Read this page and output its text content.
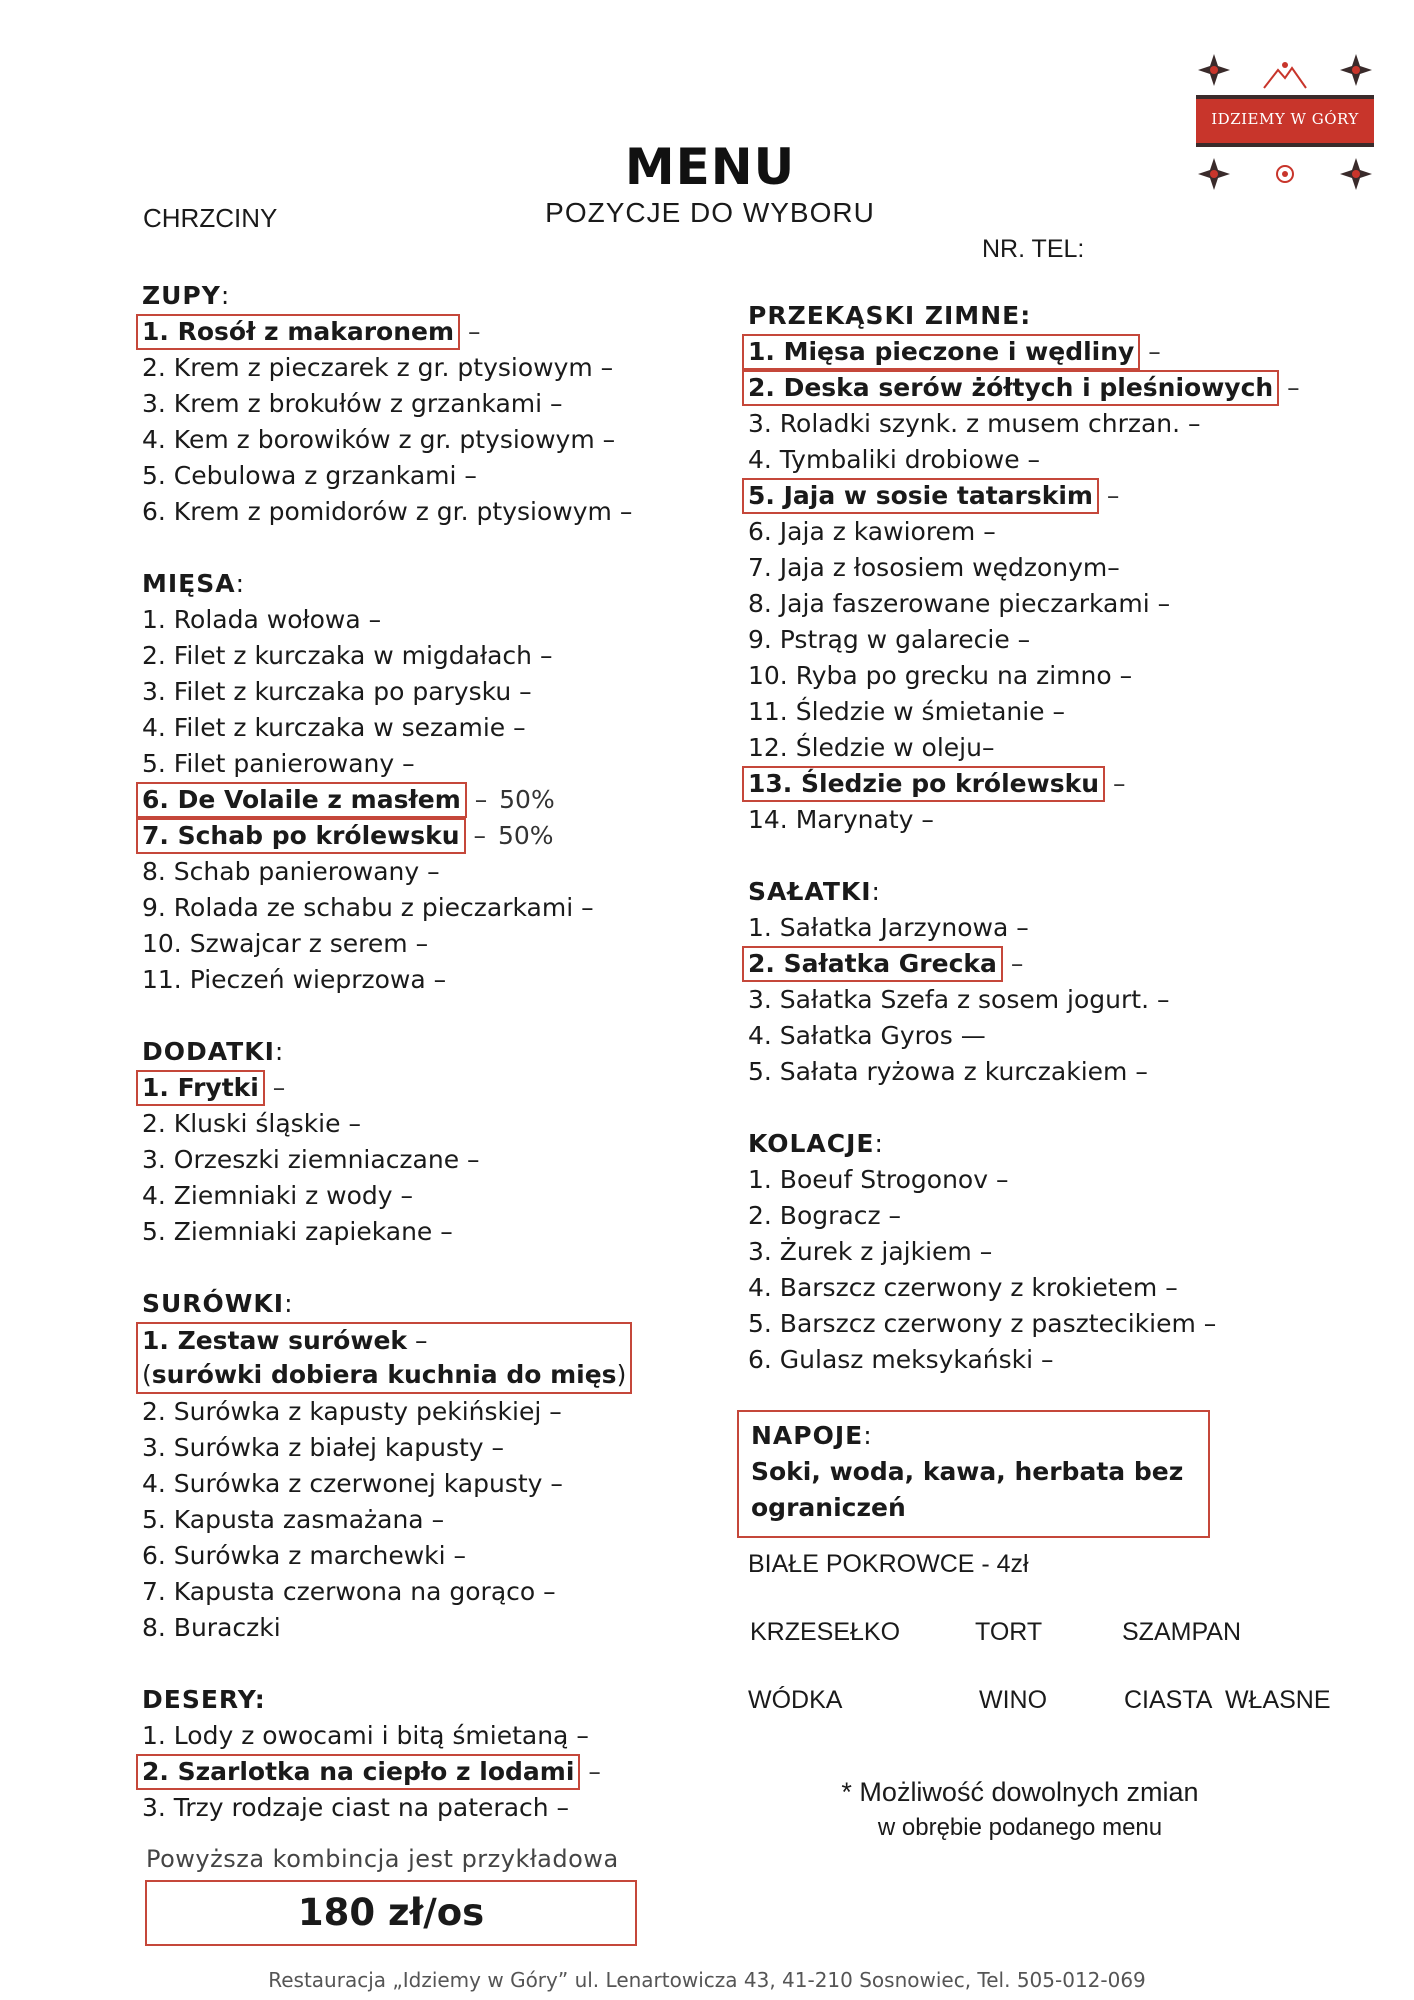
IDZIEMY W GÓRY
MENU
POZYCJE DO WYBORU
CHRZCINY
NR. TEL:
ZUPY:
1. Rosół z makaronem –
2. Krem z pieczarek z gr. ptysiowym –
3. Krem z brokułów z grzankami –
4. Kem z borowików z gr. ptysiowym –
5. Cebulowa z grzankami –
6. Krem z pomidorów z gr. ptysiowym –
MIĘSA:
1. Rolada wołowa –
2. Filet z kurczaka w migdałach –
3. Filet z kurczaka po parysku –
4. Filet z kurczaka w sezamie –
5. Filet panierowany –
6. De Volaile z masłem – 50%
7. Schab po królewsku – 50%
8. Schab panierowany –
9. Rolada ze schabu z pieczarkami –
10. Szwajcar z serem –
11. Pieczeń wieprzowa –
DODATKI:
1. Frytki –
2. Kluski śląskie –
3. Orzeszki ziemniaczane –
4. Ziemniaki z wody –
5. Ziemniaki zapiekane –
SURÓWKI:
1. Zestaw surówek –
(surówki dobiera kuchnia do mięs)
2. Surówka z kapusty pekińskiej –
3. Surówka z białej kapusty –
4. Surówka z czerwonej kapusty –
5. Kapusta zasmażana –
6. Surówka z marchewki –
7. Kapusta czerwona na gorąco –
8. Buraczki
DESERY:
1. Lody z owocami i bitą śmietaną –
2. Szarlotka na ciepło z lodami –
3. Trzy rodzaje ciast na paterach –
PRZEKĄSKI ZIMNE:
1. Mięsa pieczone i wędliny –
2. Deska serów żółtych i pleśniowych –
3. Roladki szynk. z musem chrzan. –
4. Tymbaliki drobiowe –
5. Jaja w sosie tatarskim –
6. Jaja z kawiorem –
7. Jaja z łososiem wędzonym–
8. Jaja faszerowane pieczarkami –
9. Pstrąg w galarecie –
10. Ryba po grecku na zimno –
11. Śledzie w śmietanie –
12. Śledzie w oleju–
13. Śledzie po królewsku –
14. Marynaty –
SAŁATKI:
1. Sałatka Jarzynowa –
2. Sałatka Grecka –
3. Sałatka Szefa z sosem jogurt. –
4. Sałatka Gyros —
5. Sałata ryżowa z kurczakiem –
KOLACJE:
1. Boeuf Strogonov –
2. Bogracz –
3. Żurek z jajkiem –
4. Barszcz czerwony z krokietem –
5. Barszcz czerwony z pasztecikiem –
6. Gulasz meksykański –
NAPOJE:
Soki, woda, kawa, herbata bez
ograniczeń
BIAŁE POKROWCE - 4zł
KRZESEŁKO	TORT	SZAMPAN
WÓDKA	WINO	CIASTA  WŁASNE
* Możliwość dowolnych zmian
w obrębie podanego menu
Powyższa kombincja jest przykładowa
180 zł/os
Restauracja „Idziemy w Góry” ul. Lenartowicza 43, 41-210 Sosnowiec, Tel. 505-012-069
